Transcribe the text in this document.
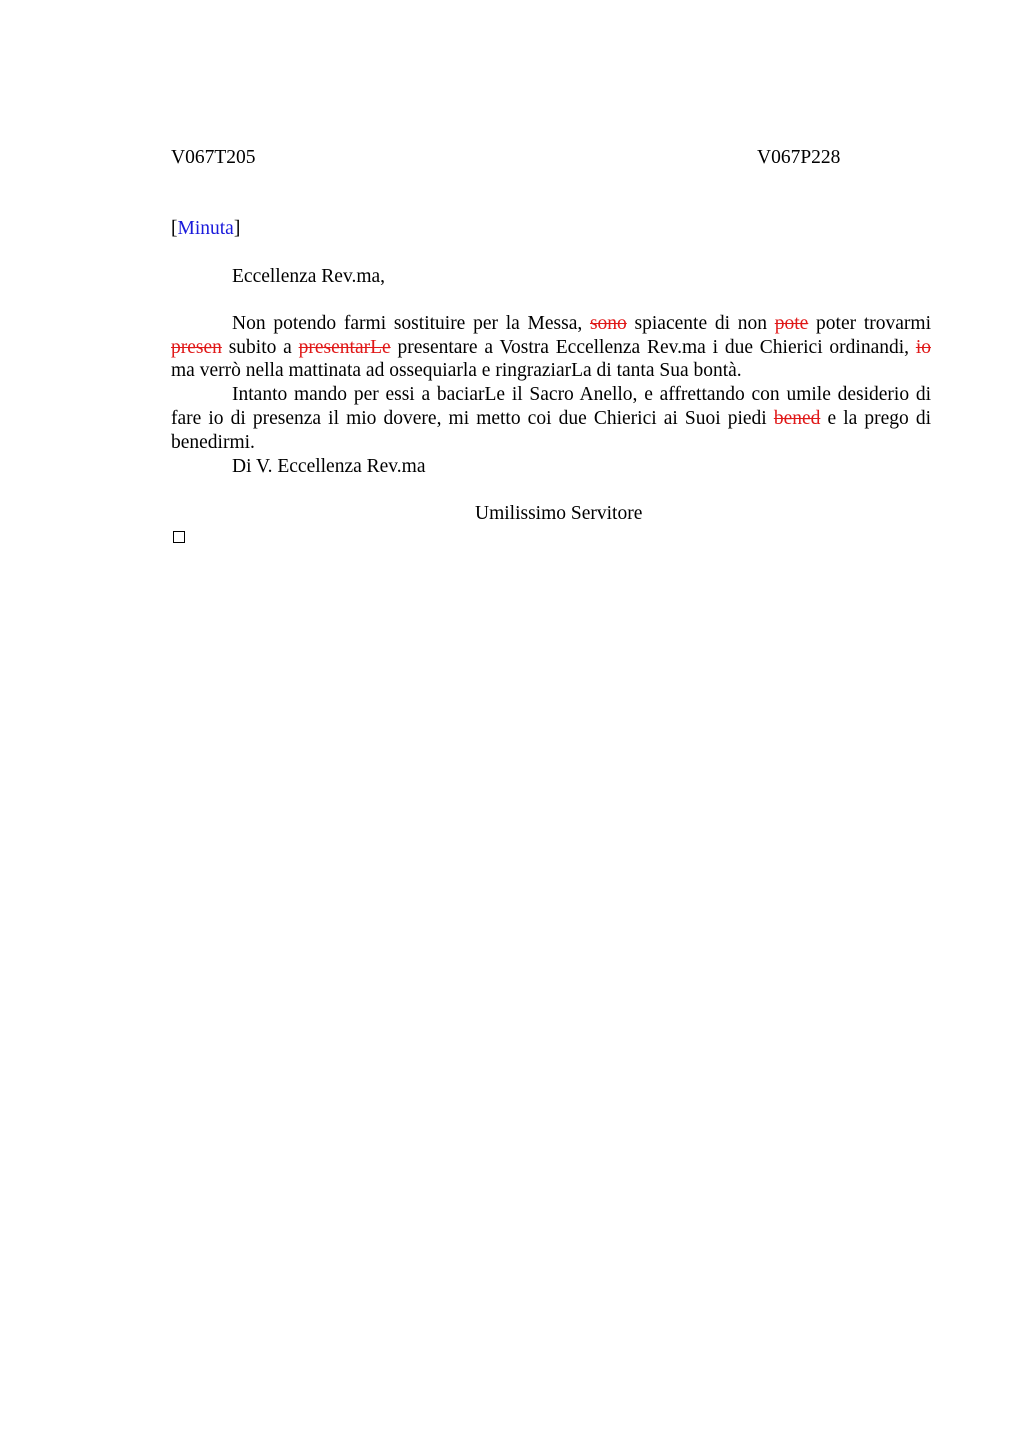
V067T205	V067P228
[Minuta]
Eccellenza Rev.ma,

Non potendo farmi sostituire per la Messa, sono spiacente di non pote poter trovarmi presen subito a presentarLe presentare a Vostra Eccellenza Rev.ma i due Chierici ordinandi, io ma verrò nella mattinata ad ossequiarla e ringraziarLa di tanta Sua bontà.

Intanto mando per essi a baciarLe il Sacro Anello, e affrettando con umile desiderio di fare io di presenza il mio dovere, mi metto coi due Chierici ai Suoi piedi bened e la prego di benedirmi.

Di V. Eccellenza Rev.ma
Umilissimo Servitore
